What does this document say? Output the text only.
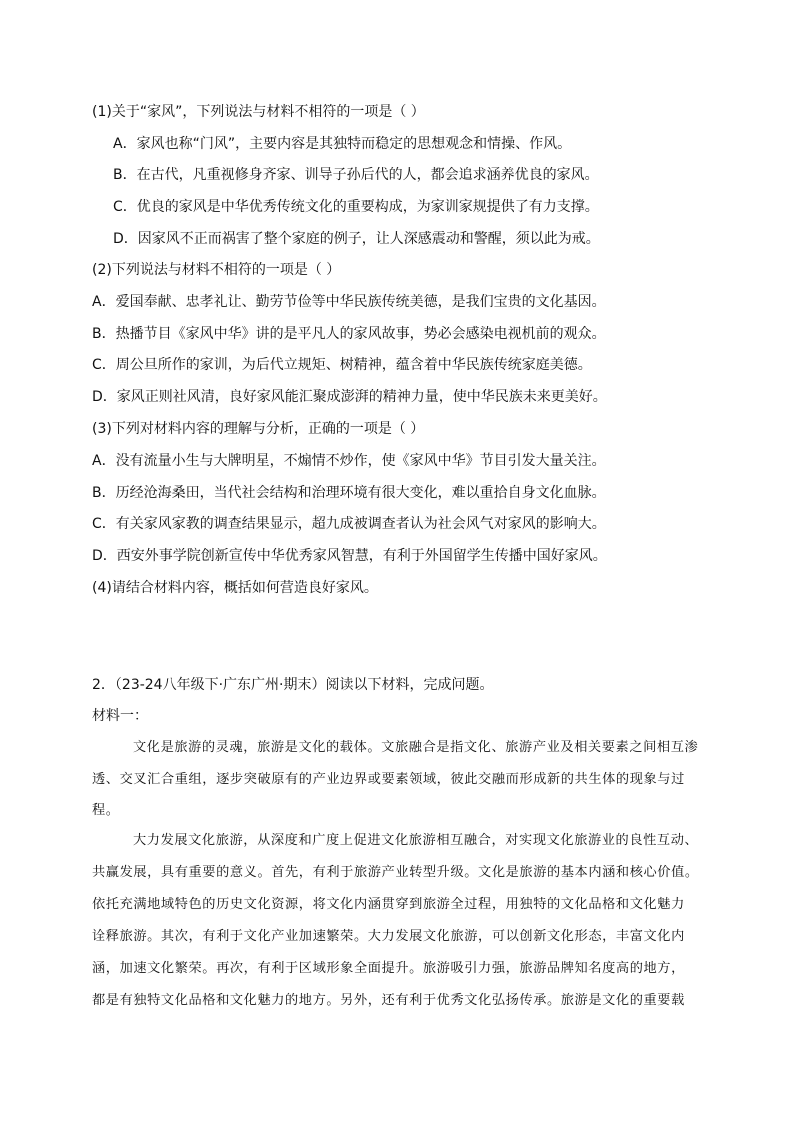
(1)关于“家风”，下列说法与材料不相符的一项是（ ）
A．家风也称“门风”，主要内容是其独特而稳定的思想观念和情操、作风。
B．在古代，凡重视修身齐家、训导子孙后代的人，都会追求涵养优良的家风。
C．优良的家风是中华优秀传统文化的重要构成，为家训家规提供了有力支撑。
D．因家风不正而祸害了整个家庭的例子，让人深感震动和警醒，须以此为戒。
(2)下列说法与材料不相符的一项是（ ）
A．爱国奉献、忠孝礼让、勤劳节俭等中华民族传统美德，是我们宝贵的文化基因。
B．热播节目《家风中华》讲的是平凡人的家风故事，势必会感染电视机前的观众。
C．周公旦所作的家训，为后代立规矩、树精神，蕴含着中华民族传统家庭美德。
D．家风正则社风清，良好家风能汇聚成澎湃的精神力量，使中华民族未来更美好。
(3)下列对材料内容的理解与分析，正确的一项是（ ）
A．没有流量小生与大牌明星，不煽情不炒作，使《家风中华》节目引发大量关注。
B．历经沧海桑田，当代社会结构和治理环境有很大变化，难以重拾自身文化血脉。
C．有关家风家教的调查结果显示，超九成被调查者认为社会风气对家风的影响大。
D．西安外事学院创新宣传中华优秀家风智慧，有利于外国留学生传播中国好家风。
(4)请结合材料内容，概括如何营造良好家风。
2．（23-24八年级下·广东广州·期末）阅读以下材料，完成问题。
材料一：
文化是旅游的灵魂，旅游是文化的载体。文旅融合是指文化、旅游产业及相关要素之间相互渗
透、交叉汇合重组，逐步突破原有的产业边界或要素领域，彼此交融而形成新的共生体的现象与过
程。
大力发展文化旅游，从深度和广度上促进文化旅游相互融合，对实现文化旅游业的良性互动、
共赢发展，具有重要的意义。首先，有利于旅游产业转型升级。文化是旅游的基本内涵和核心价值。
依托充满地域特色的历史文化资源，将文化内涵贯穿到旅游全过程，用独特的文化品格和文化魅力
诠释旅游。其次，有利于文化产业加速繁荣。大力发展文化旅游，可以创新文化形态，丰富文化内
涵，加速文化繁荣。再次，有利于区域形象全面提升。旅游吸引力强，旅游品牌知名度高的地方，
都是有独特文化品格和文化魅力的地方。另外，还有利于优秀文化弘扬传承。旅游是文化的重要载
